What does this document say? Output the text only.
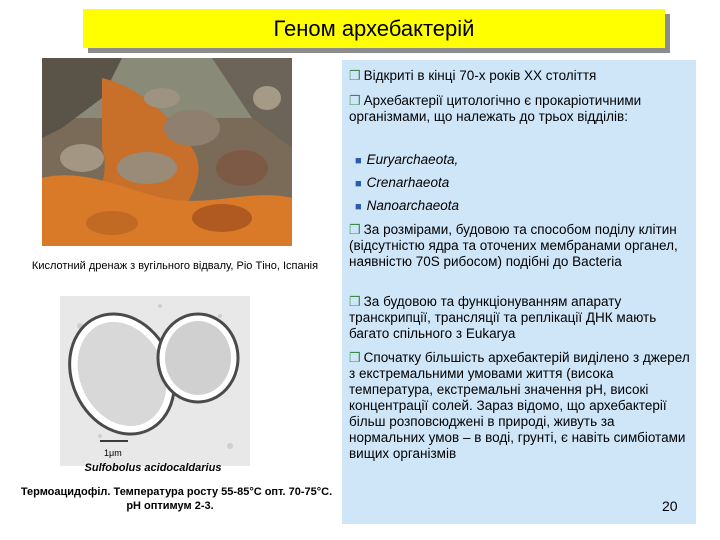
Геном архебактерій
Кислотний дренаж з вугільного відвалу, Ріо Тіно, Іспанія
1μm
Sulfobolus acidocaldarius
Термоацидофіл. Температура росту 55-85°C опт. 70-75°C.
pH оптимум 2-3.
❒ Відкриті в кінці 70-х років XX століття
❒ Архебактерії цитологічно є прокаріотичними організмами, що належать до трьох відділів:
■ Euryarchaeota,
■ Crenarhaeota
■ Nanoarchaeota
❒ За розмірами, будовою та способом поділу клітин (відсутністю ядра та оточених мембранами органел, наявністю 70S рибосом) подібні до Bacteria
❒ За будовою та функціонуванням апарату транскрипції, трансляції та реплікації ДНК мають багато спільного з Eukarya
❒ Спочатку більшість архебактерій виділено з джерел з екстремальними умовами життя (висока температура, екстремальні значення pH, високі концентрації солей. Зараз відомо, що архебактерії більш розповсюджені в природі, живуть за нормальних умов – в воді, грунті, є навіть симбіотами вищих організмів
20
